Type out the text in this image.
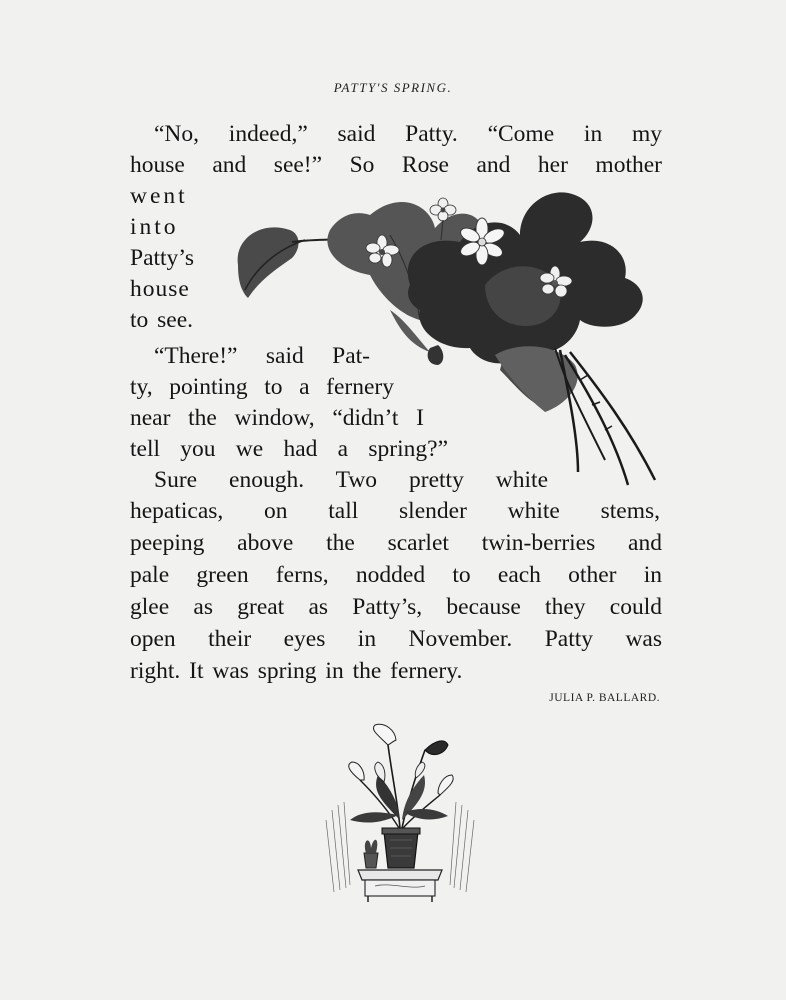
PATTY'S SPRING.
“No, indeed,” said Patty. “Come in my
house and see!” So Rose and her mother
went
into
Patty’s
house
to see.
“There!” said Pat-
ty, pointing to a fernery
near the window, “didn’t I
tell you we had a spring?”
Sure enough. Two pretty white
hepaticas, on tall slender white stems,
peeping above the scarlet twin-berries and
pale green ferns, nodded to each other in
glee as great as Patty’s, because they could
open their eyes in November. Patty was
right. It was spring in the fernery.
JULIA P. BALLARD.
